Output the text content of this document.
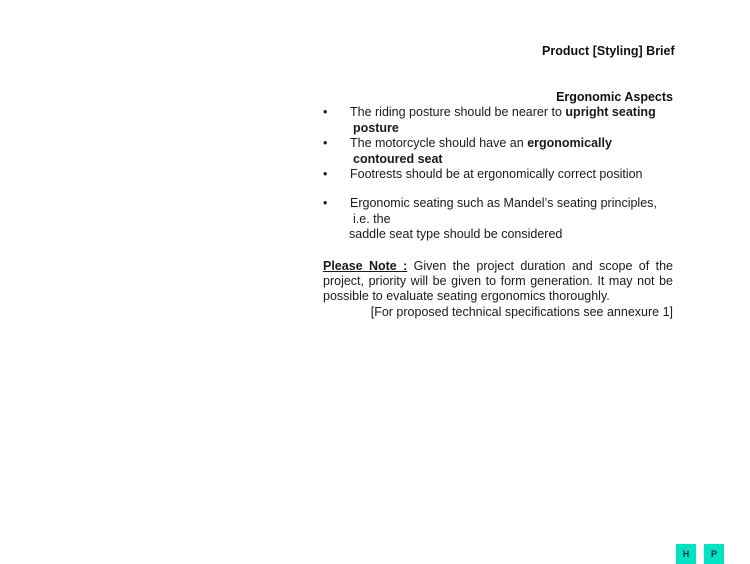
Product [Styling] Brief
Ergonomic Aspects
• The riding posture should be nearer to upright seating
posture
• The motorcycle should have an ergonomically
contoured seat
• Footrests should be at ergonomically correct position
• Ergonomic seating such as Mandel’s seating principles,
i.e. the
saddle seat type should be considered
Please Note : Given the project duration and scope of the project, priority will be given to form generation. It may not be possible to evaluate seating ergonomics thoroughly.
[For proposed technical specifications see annexure 1]
H	P
